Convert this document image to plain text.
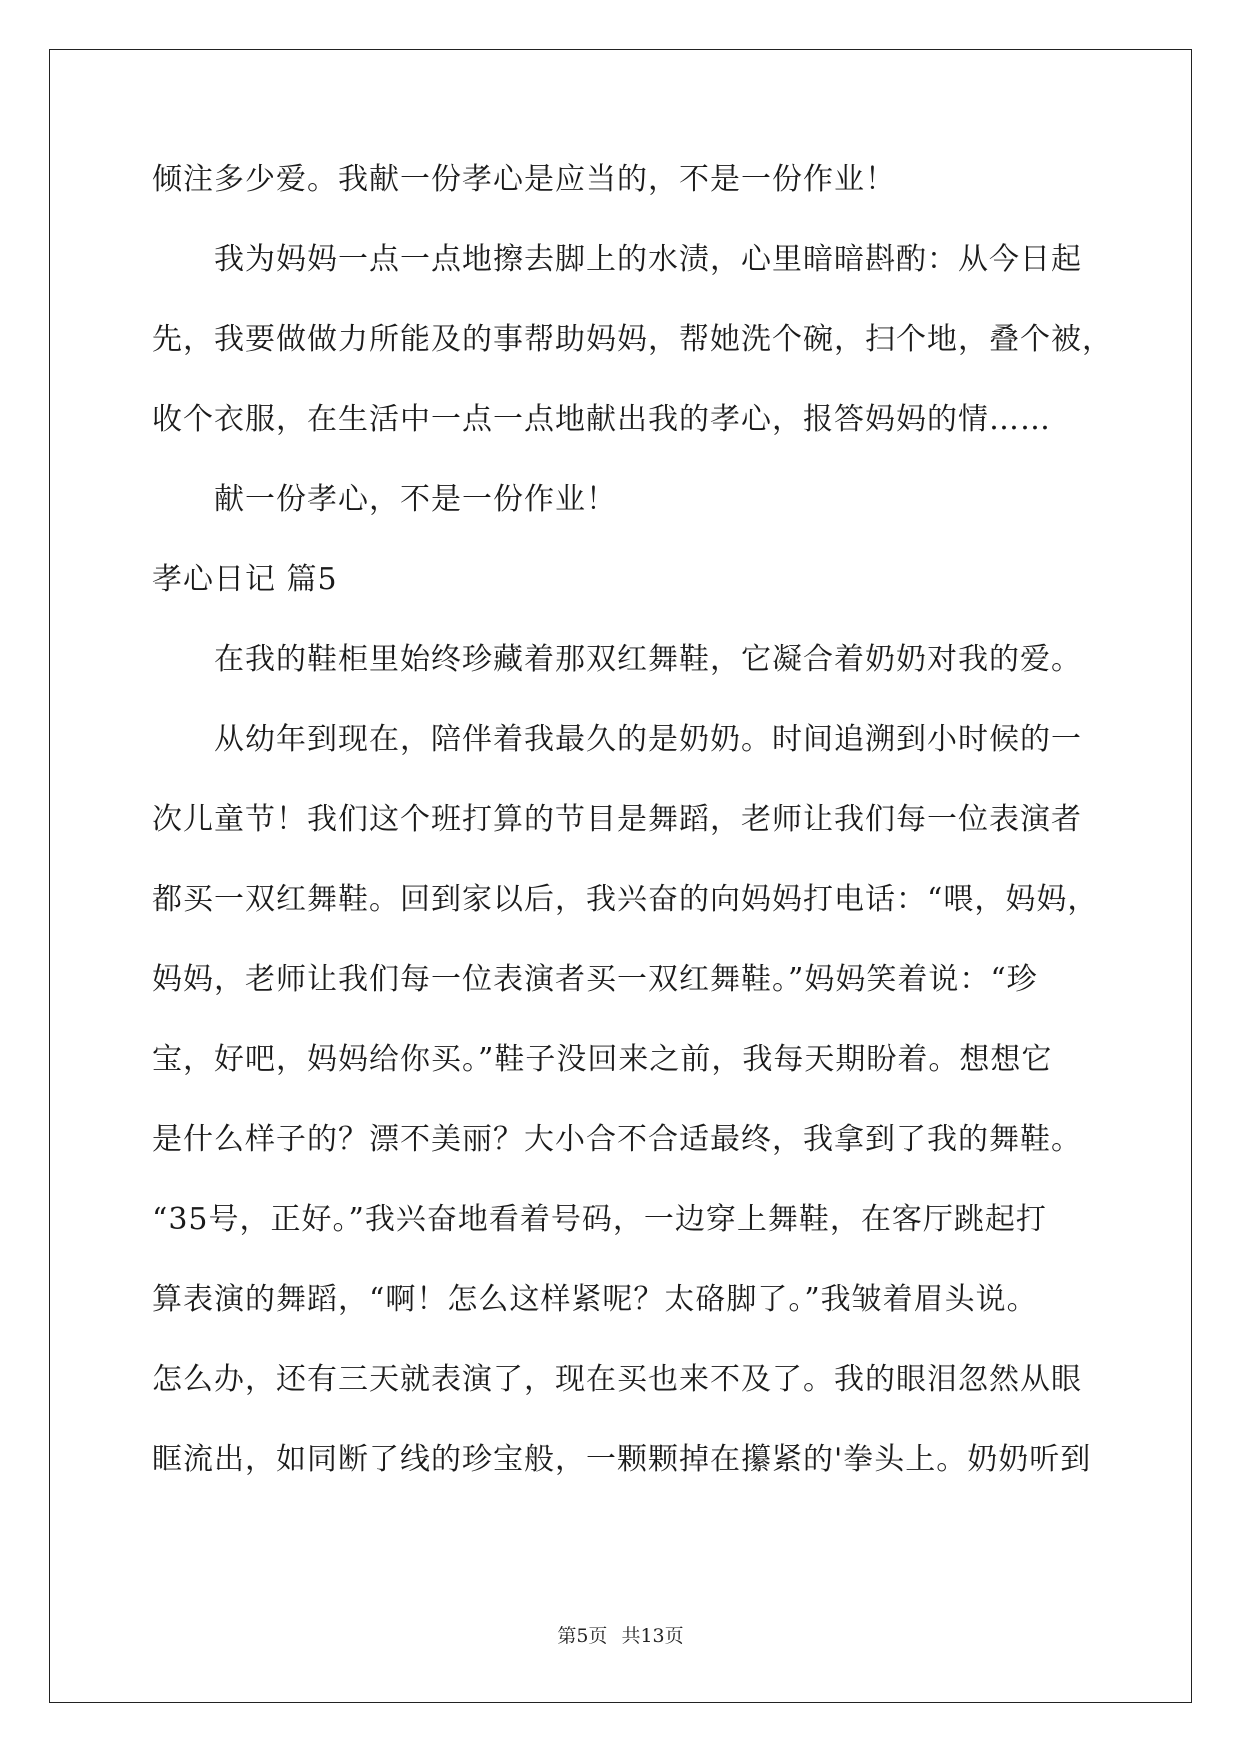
倾注多少爱。我献一份孝心是应当的，不是一份作业！
我为妈妈一点一点地擦去脚上的水渍，心里暗暗斟酌：从今日起
先，我要做做力所能及的事帮助妈妈，帮她洗个碗，扫个地，叠个被，
收个衣服，在生活中一点一点地献出我的孝心，报答妈妈的情……
献一份孝心，不是一份作业！
孝心日记 篇5
在我的鞋柜里始终珍藏着那双红舞鞋，它凝合着奶奶对我的爱。
从幼年到现在，陪伴着我最久的是奶奶。时间追溯到小时候的一
次儿童节！我们这个班打算的节目是舞蹈，老师让我们每一位表演者
都买一双红舞鞋。回到家以后，我兴奋的向妈妈打电话：“喂，妈妈，
妈妈，老师让我们每一位表演者买一双红舞鞋。”妈妈笑着说：“珍
宝，好吧，妈妈给你买。”鞋子没回来之前，我每天期盼着。想想它
是什么样子的？漂不美丽？大小合不合适最终，我拿到了我的舞鞋。
“35号，正好。”我兴奋地看着号码，一边穿上舞鞋，在客厅跳起打
算表演的舞蹈，“啊！怎么这样紧呢？太硌脚了。”我皱着眉头说。
怎么办，还有三天就表演了，现在买也来不及了。我的眼泪忽然从眼
眶流出，如同断了线的珍宝般，一颗颗掉在攥紧的'拳头上。奶奶听到
第5页 共13页
